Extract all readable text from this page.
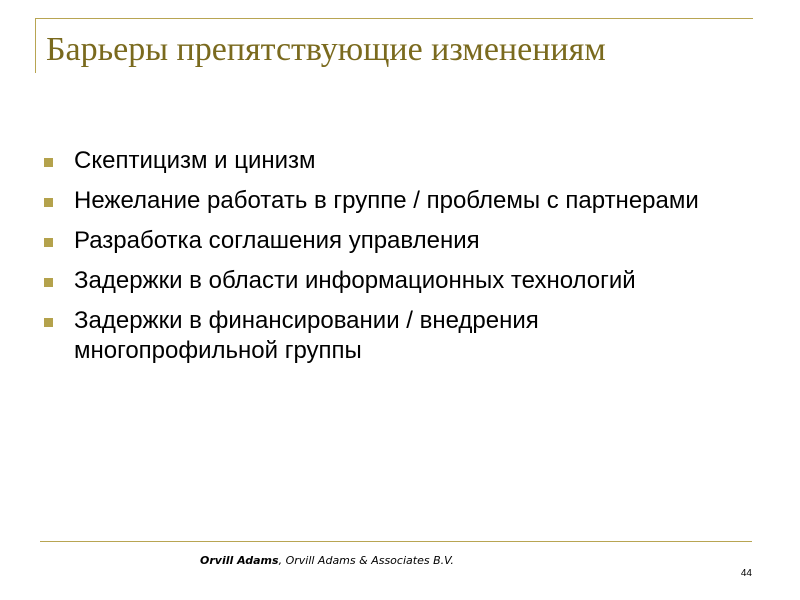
Барьеры препятствующие изменениям
Скептицизм и цинизм
Нежелание работать в группе / проблемы с партнерами
Разработка соглашения управления
Задержки в области информационных технологий
Задержки в финансировании / внедрения многопрофильной группы
Orvill Adams, Orvill Adams & Associates B.V.
44
